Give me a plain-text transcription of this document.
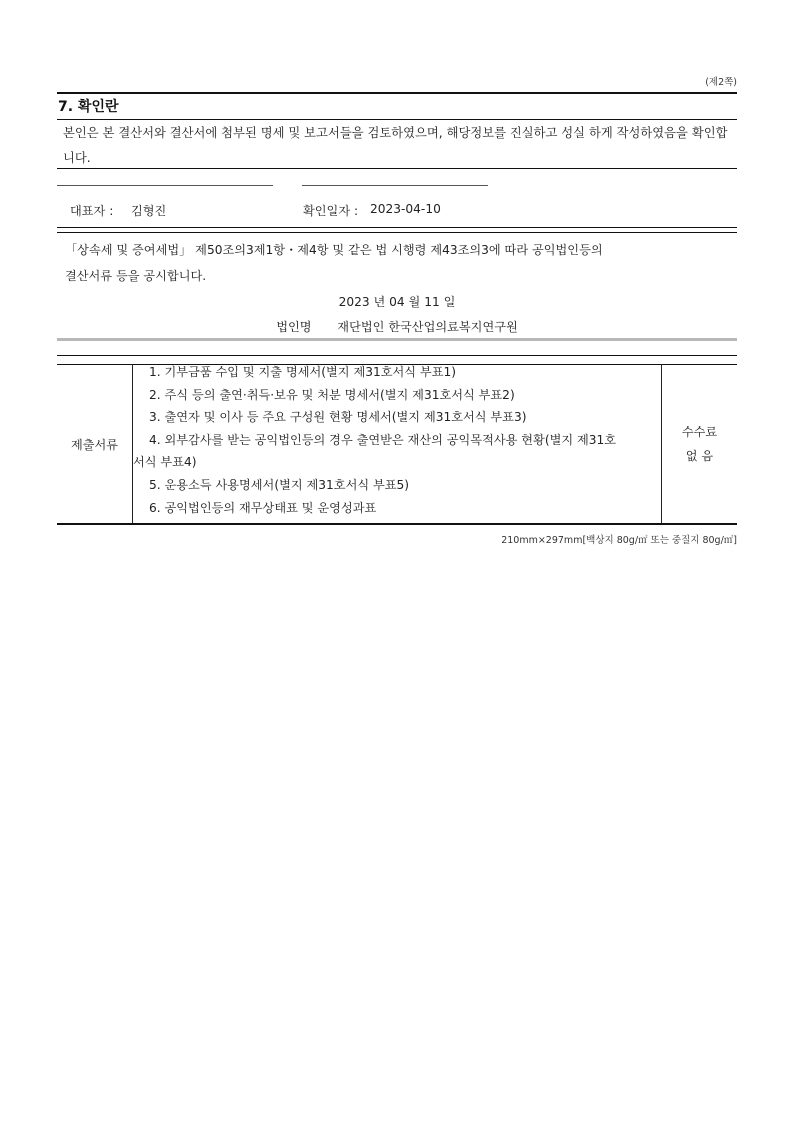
(제2쪽)
7. 확인란
본인은 본 결산서와 결산서에 첨부된 명세 및 보고서들을 검토하였으며, 해당정보를 진실하고 성실 하게 작성하였음을 확인합니다.
대표자 : 김형진	확인일자 : 2023-04-10
「상속세 및 증여세법」 제50조의3제1항・제4항 및 같은 법 시행령 제43조의3에 따라 공익법인등의
결산서류 등을 공시합니다.
2023 년 04 월 11 일
법인명 재단법인 한국산업의료복지연구원
제출서류
1. 기부금품 수입 및 지출 명세서(별지 제31호서식 부표1)
2. 주식 등의 출연·취득·보유 및 처분 명세서(별지 제31호서식 부표2)
3. 출연자 및 이사 등 주요 구성원 현황 명세서(별지 제31호서식 부표3)
4. 외부감사를 받는 공익법인등의 경우 출연받은 재산의 공익목적사용 현황(별지 제31호
서식 부표4)
5. 운용소득 사용명세서(별지 제31호서식 부표5)
6. 공익법인등의 재무상태표 및 운영성과표
수수료
없 음
210mm×297mm[백상지 80g/㎡ 또는 중질지 80g/㎡]
